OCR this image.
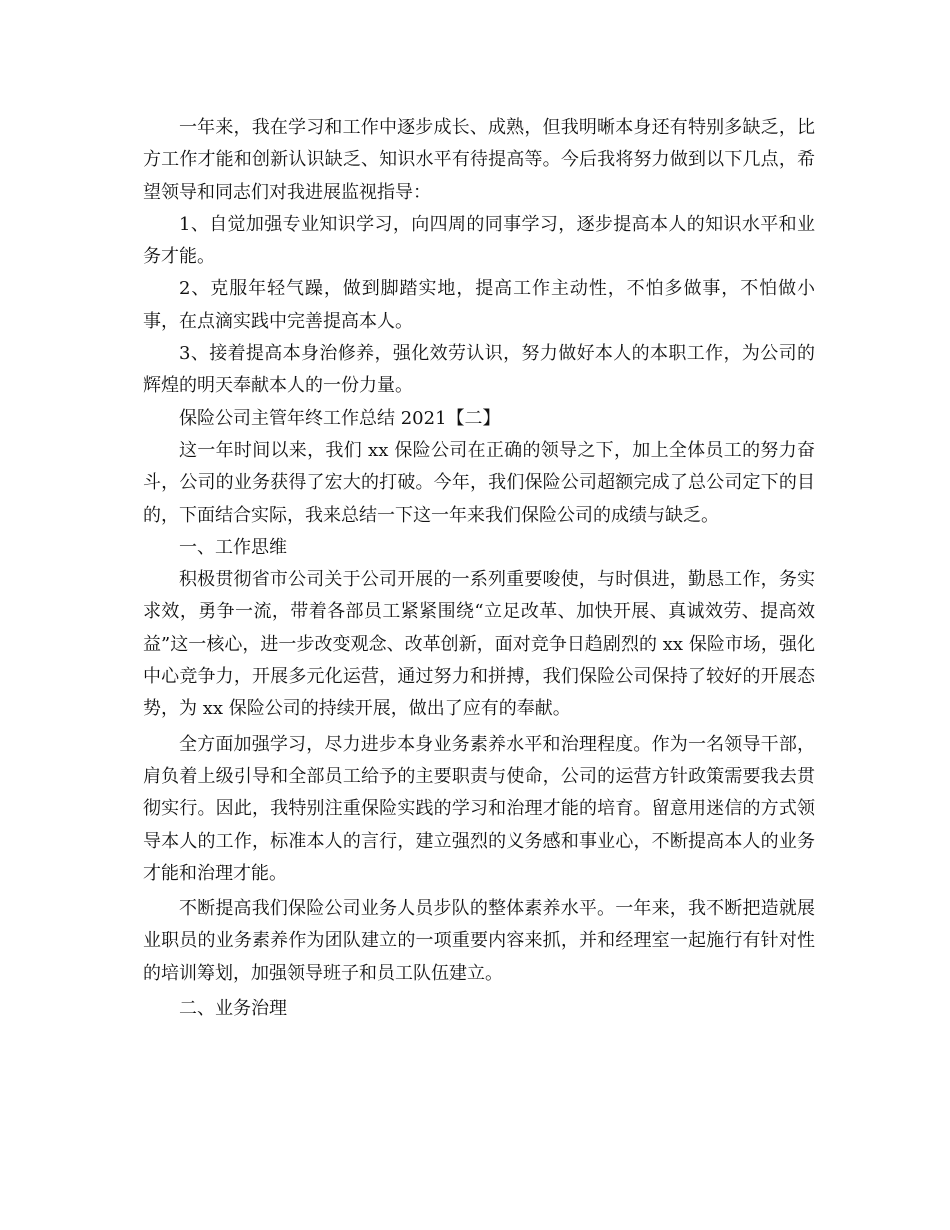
一年来，我在学习和工作中逐步成长、成熟，但我明晰本身还有特别多缺乏，比方工作才能和创新认识缺乏、知识水平有待提高等。今后我将努力做到以下几点，希望领导和同志们对我进展监视指导：

1、自觉加强专业知识学习，向四周的同事学习，逐步提高本人的知识水平和业务才能。

2、克服年轻气躁，做到脚踏实地，提高工作主动性，不怕多做事，不怕做小事，在点滴实践中完善提高本人。

3、接着提高本身治修养，强化效劳认识，努力做好本人的本职工作，为公司的辉煌的明天奉献本人的一份力量。

保险公司主管年终工作总结 2021【二】

这一年时间以来，我们 xx 保险公司在正确的领导之下，加上全体员工的努力奋斗，公司的业务获得了宏大的打破。今年，我们保险公司超额完成了总公司定下的目的，下面结合实际，我来总结一下这一年来我们保险公司的成绩与缺乏。

一、工作思维

积极贯彻省市公司关于公司开展的一系列重要唆使，与时俱进，勤恳工作，务实求效，勇争一流，带着各部员工紧紧围绕“立足改革、加快开展、真诚效劳、提高效益”这一核心，进一步改变观念、改革创新，面对竞争日趋剧烈的 xx 保险市场，强化中心竞争力，开展多元化运营，通过努力和拼搏，我们保险公司保持了较好的开展态势，为 xx 保险公司的持续开展，做出了应有的奉献。

全方面加强学习，尽力进步本身业务素养水平和治理程度。作为一名领导干部，肩负着上级引导和全部员工给予的主要职责与使命，公司的运营方针政策需要我去贯彻实行。因此，我特别注重保险实践的学习和治理才能的培育。留意用迷信的方式领导本人的工作，标准本人的言行，建立强烈的义务感和事业心，不断提高本人的业务才能和治理才能。

不断提高我们保险公司业务人员步队的整体素养水平。一年来，我不断把造就展业职员的业务素养作为团队建立的一项重要内容来抓，并和经理室一起施行有针对性的培训筹划，加强领导班子和员工队伍建立。

二、业务治理
